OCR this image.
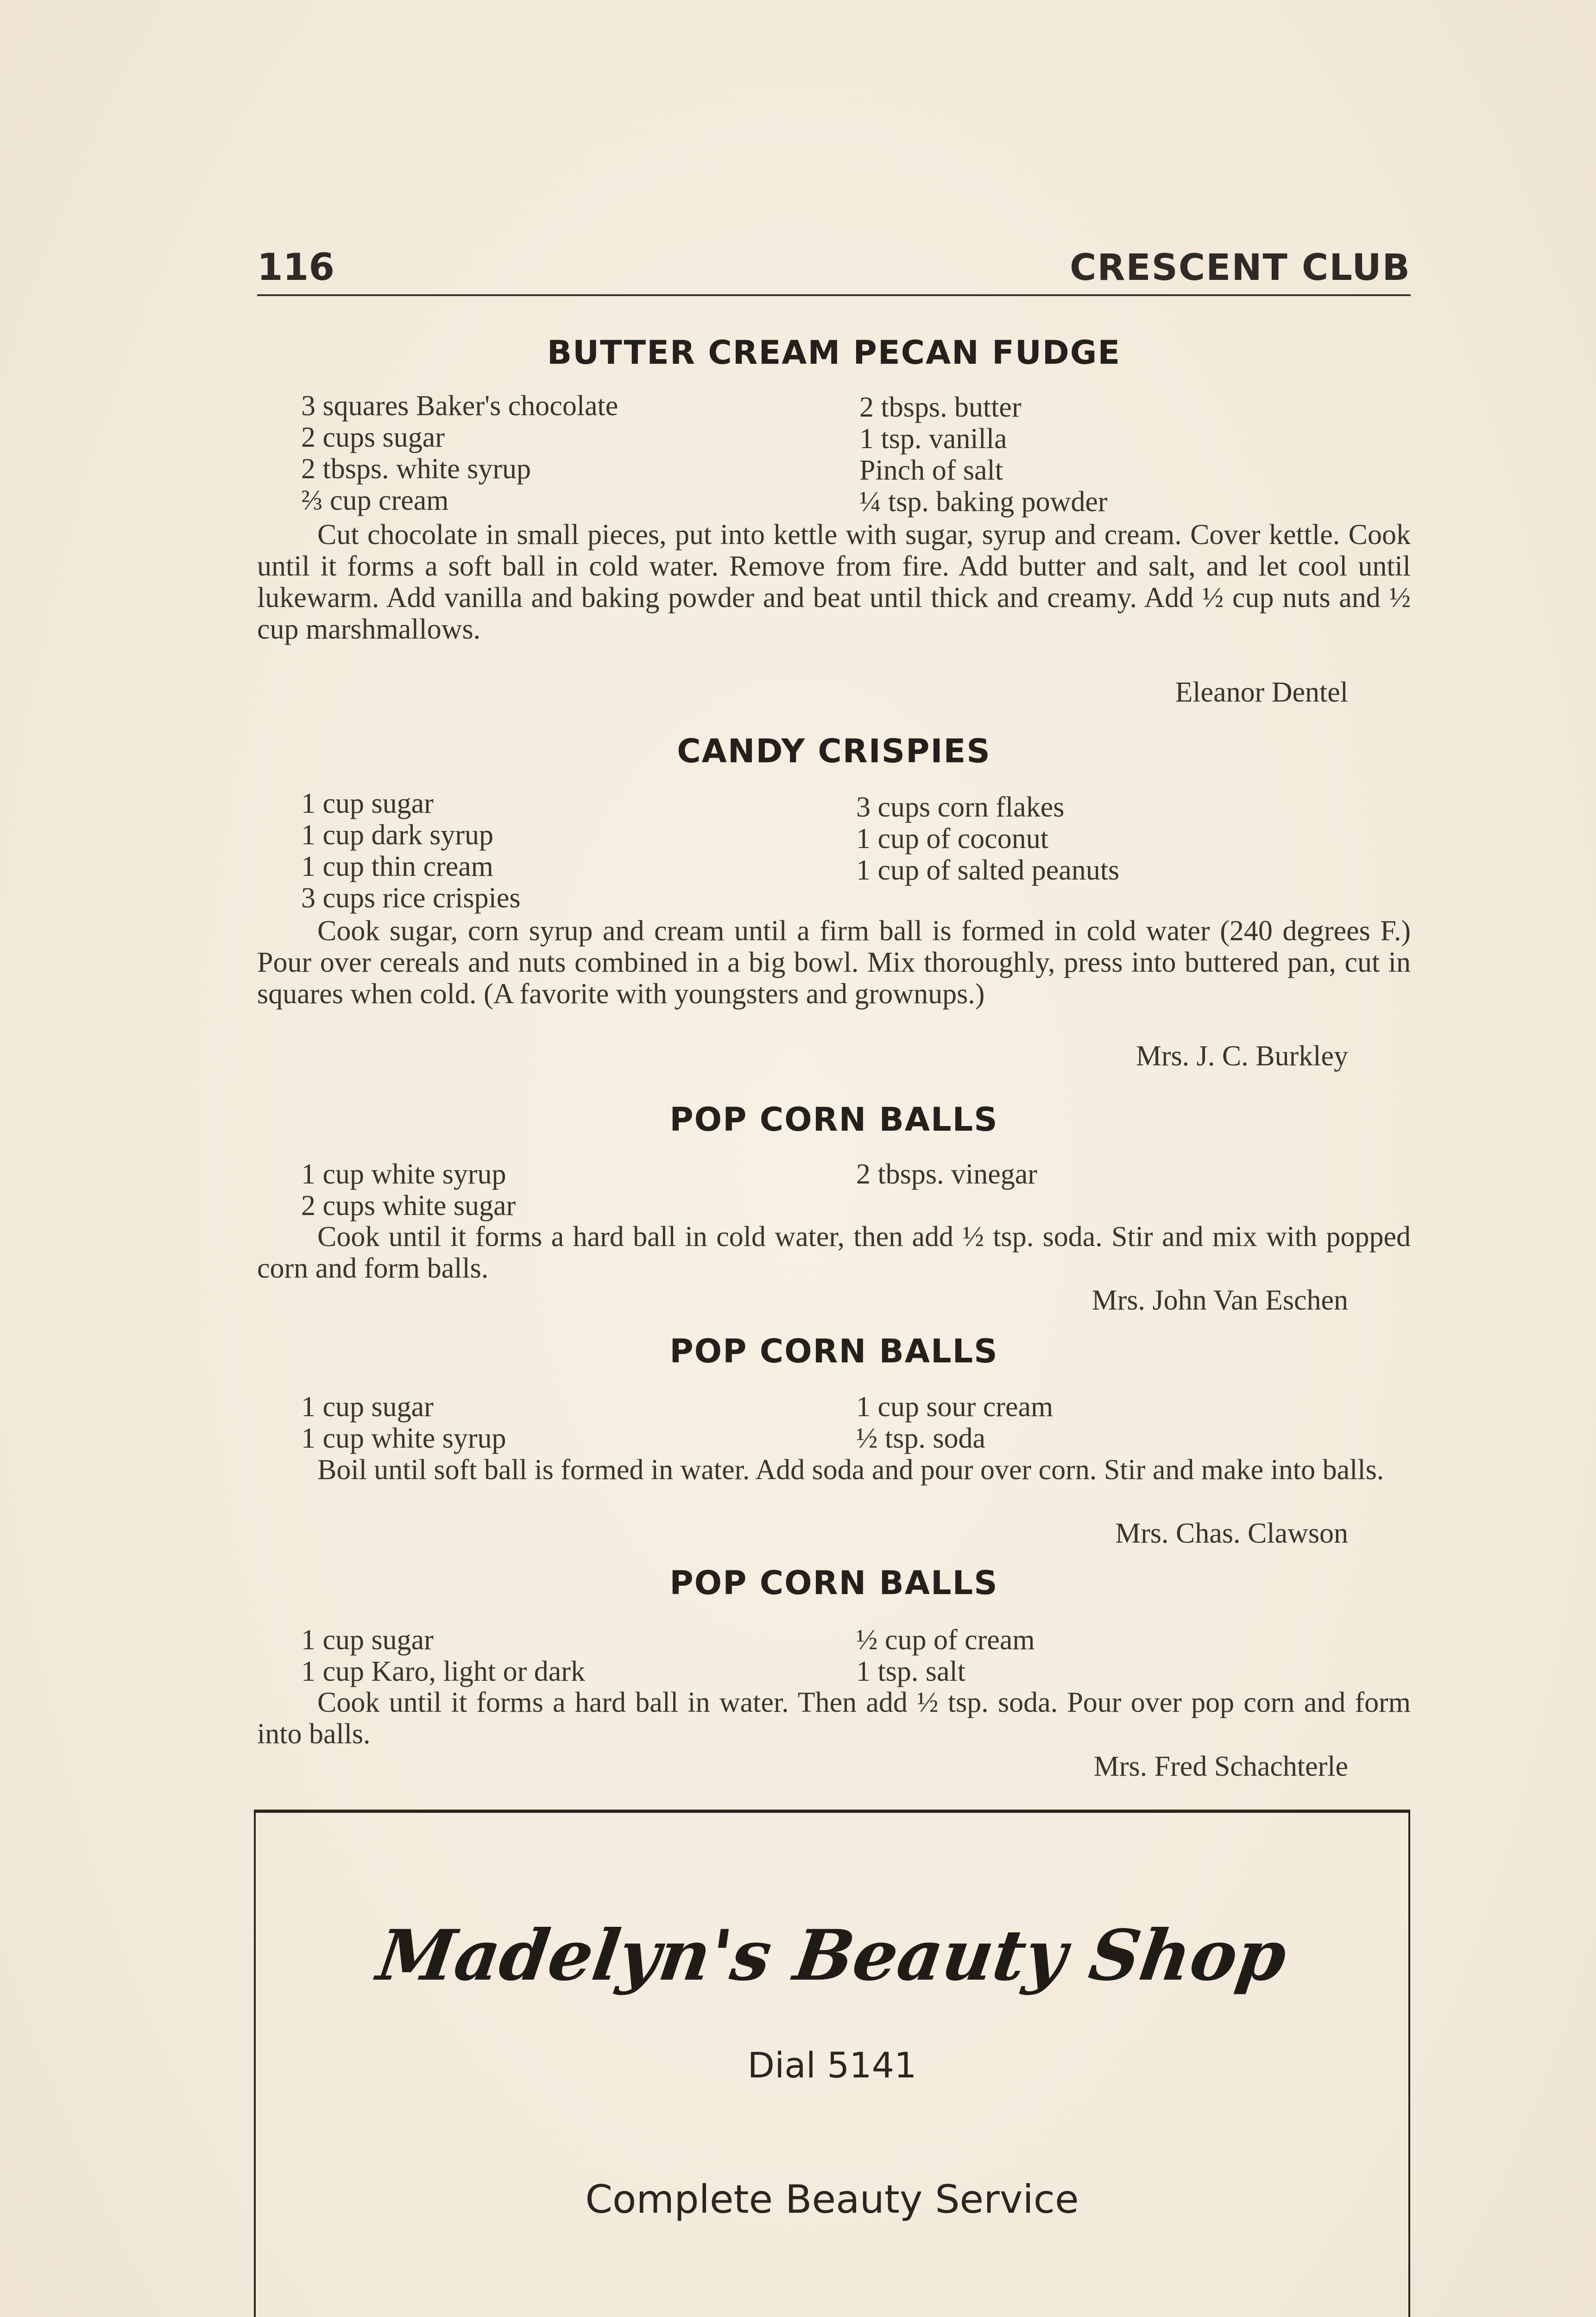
116	CRESCENT CLUB
BUTTER CREAM PECAN FUDGE
3 squares Baker's chocolate
2 cups sugar
2 tbsps. white syrup
⅔ cup cream
2 tbsps. butter
1 tsp. vanilla
Pinch of salt
¼ tsp. baking powder
Cut chocolate in small pieces, put into kettle with sugar, syrup and cream. Cover kettle. Cook until it forms a soft ball in cold water. Remove from fire. Add butter and salt, and let cool until lukewarm. Add vanilla and baking powder and beat until thick and creamy. Add ½ cup nuts and ½ cup marshmallows.
Eleanor Dentel
CANDY CRISPIES
1 cup sugar
1 cup dark syrup
1 cup thin cream
3 cups rice crispies
3 cups corn flakes
1 cup of coconut
1 cup of salted peanuts
Cook sugar, corn syrup and cream until a firm ball is formed in cold water (240 degrees F.) Pour over cereals and nuts combined in a big bowl. Mix thoroughly, press into buttered pan, cut in squares when cold. (A favorite with youngsters and grownups.)
Mrs. J. C. Burkley
POP CORN BALLS
1 cup white syrup
2 cups white sugar
2 tbsps. vinegar
Cook until it forms a hard ball in cold water, then add ½ tsp. soda. Stir and mix with popped corn and form balls.
Mrs. John Van Eschen
POP CORN BALLS
1 cup sugar
1 cup white syrup
1 cup sour cream
½ tsp. soda
Boil until soft ball is formed in water. Add soda and pour over corn. Stir and make into balls.
Mrs. Chas. Clawson
POP CORN BALLS
1 cup sugar
1 cup Karo, light or dark
½ cup of cream
1 tsp. salt
Cook until it forms a hard ball in water. Then add ½ tsp. soda. Pour over pop corn and form into balls.
Mrs. Fred Schachterle
Madelyn's Beauty Shop
Dial 5141
Complete Beauty Service
